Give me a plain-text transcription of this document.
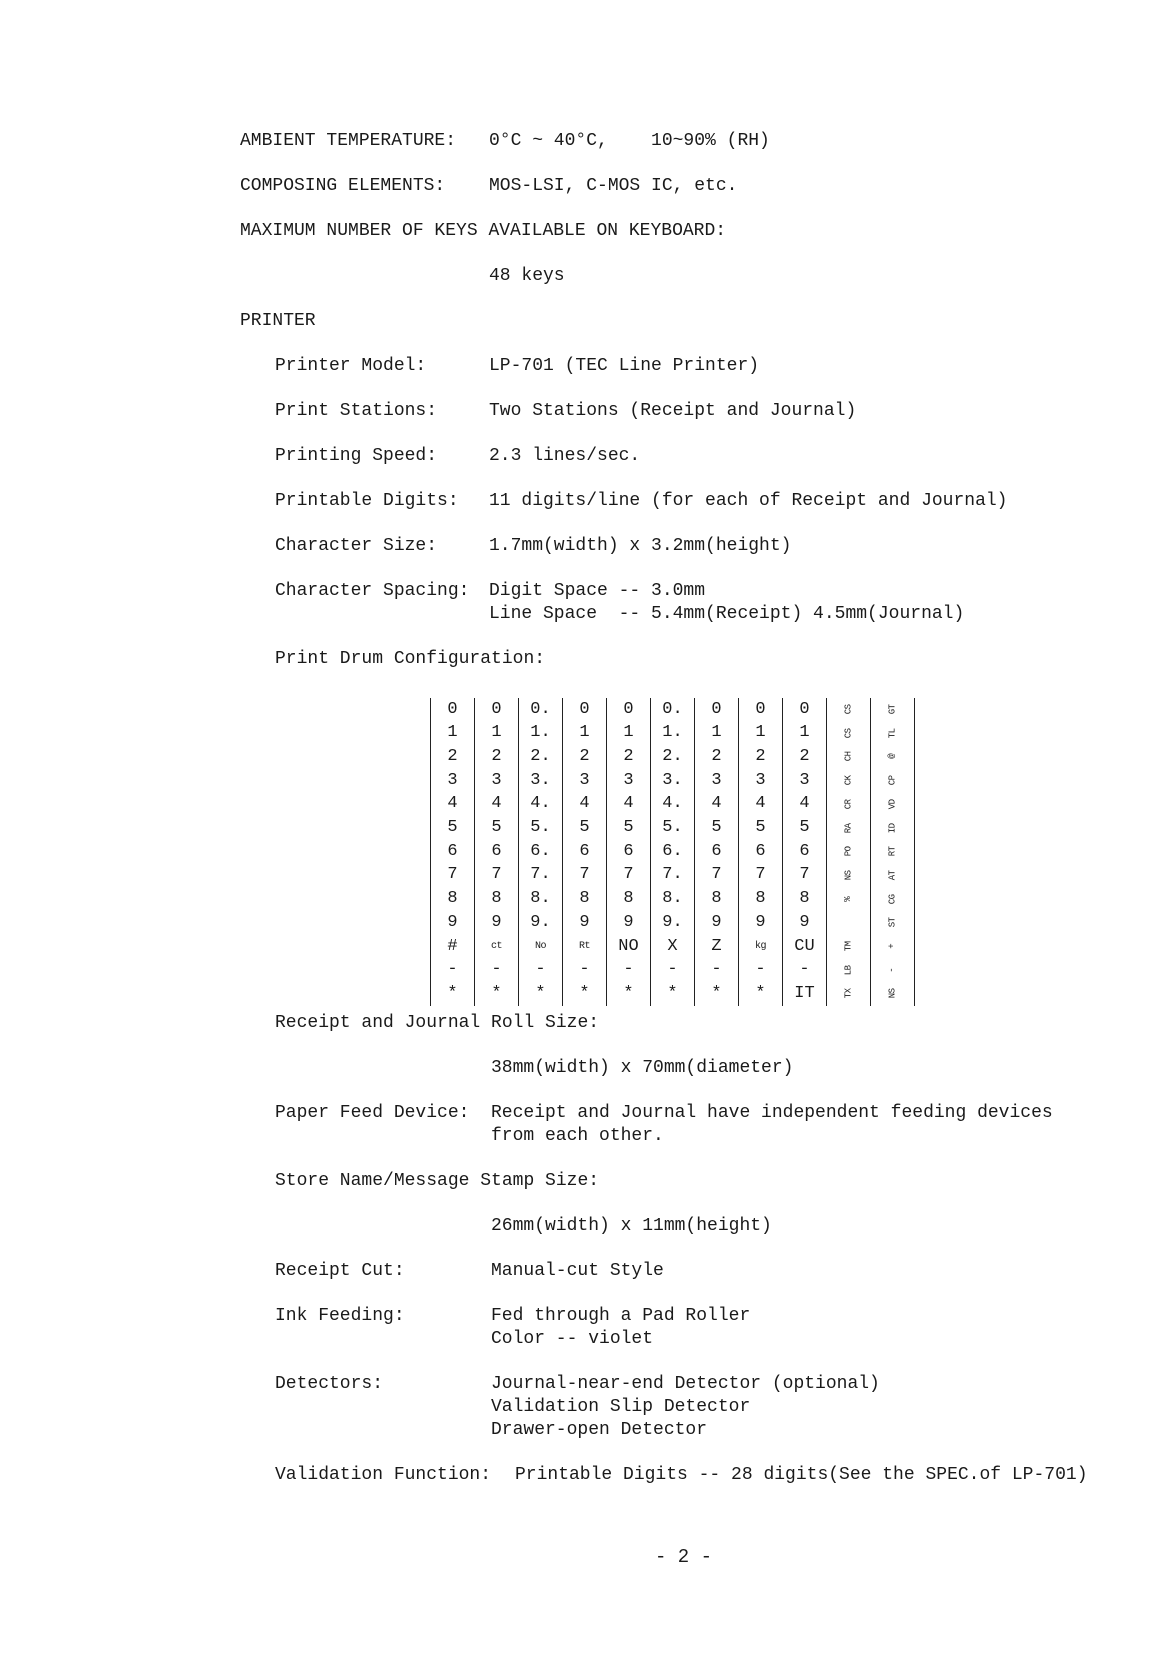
AMBIENT TEMPERATURE: 0°C ~ 40°C,    10~90% (RH)
COMPOSING ELEMENTS: MOS-LSI, C-MOS IC, etc.
MAXIMUM NUMBER OF KEYS AVAILABLE ON KEYBOARD:
48 keys
PRINTER
Printer Model:	LP-701 (TEC Line Printer)
Print Stations:	Two Stations (Receipt and Journal)
Printing Speed:	2.3 lines/sec.
Printable Digits: 11 digits/line (for each of Receipt and Journal)
Character Size:	1.7mm(width) x 3.2mm(height)
Character Spacing: Digit Space -- 3.0mm
Line Space  -- 5.4mm(Receipt) 4.5mm(Journal)
Print Drum Configuration:
0	0	0.	0	0	0.	0	0	0	CS	GT
1	1	1.	1	1	1.	1	1	1	CS	TL
2	2	2.	2	2	2.	2	2	2	CH	@
3	3	3.	3	3	3.	3	3	3	CK	CP
4	4	4.	4	4	4.	4	4	4	CR	VD
5	5	5.	5	5	5.	5	5	5	RA	ID
6	6	6.	6	6	6.	6	6	6	PO	RT
7	7	7.	7	7	7.	7	7	7	NS	AT
8	8	8.	8	8	8.	8	8	8	%	CG
9	9	9.	9	9	9.	9	9	9		ST
#	ct	No	Rt	NO	X	Z	kg	CU	TM	+
-	-	-	-	-	-	-	-	-	LB	-
*	*	*	*	*	*	*	*	IT	TX	NS
Receipt and Journal Roll Size:
38mm(width) x 70mm(diameter)
Paper Feed Device: Receipt and Journal have independent feeding devices
from each other.
Store Name/Message Stamp Size:
26mm(width) x 11mm(height)
Receipt Cut:	Manual-cut Style
Ink Feeding:	Fed through a Pad Roller
Color -- violet
Detectors:	Journal-near-end Detector (optional)
Validation Slip Detector
Drawer-open Detector
Validation Function: Printable Digits -- 28 digits(See the SPEC.of LP-701)
- 2 -
